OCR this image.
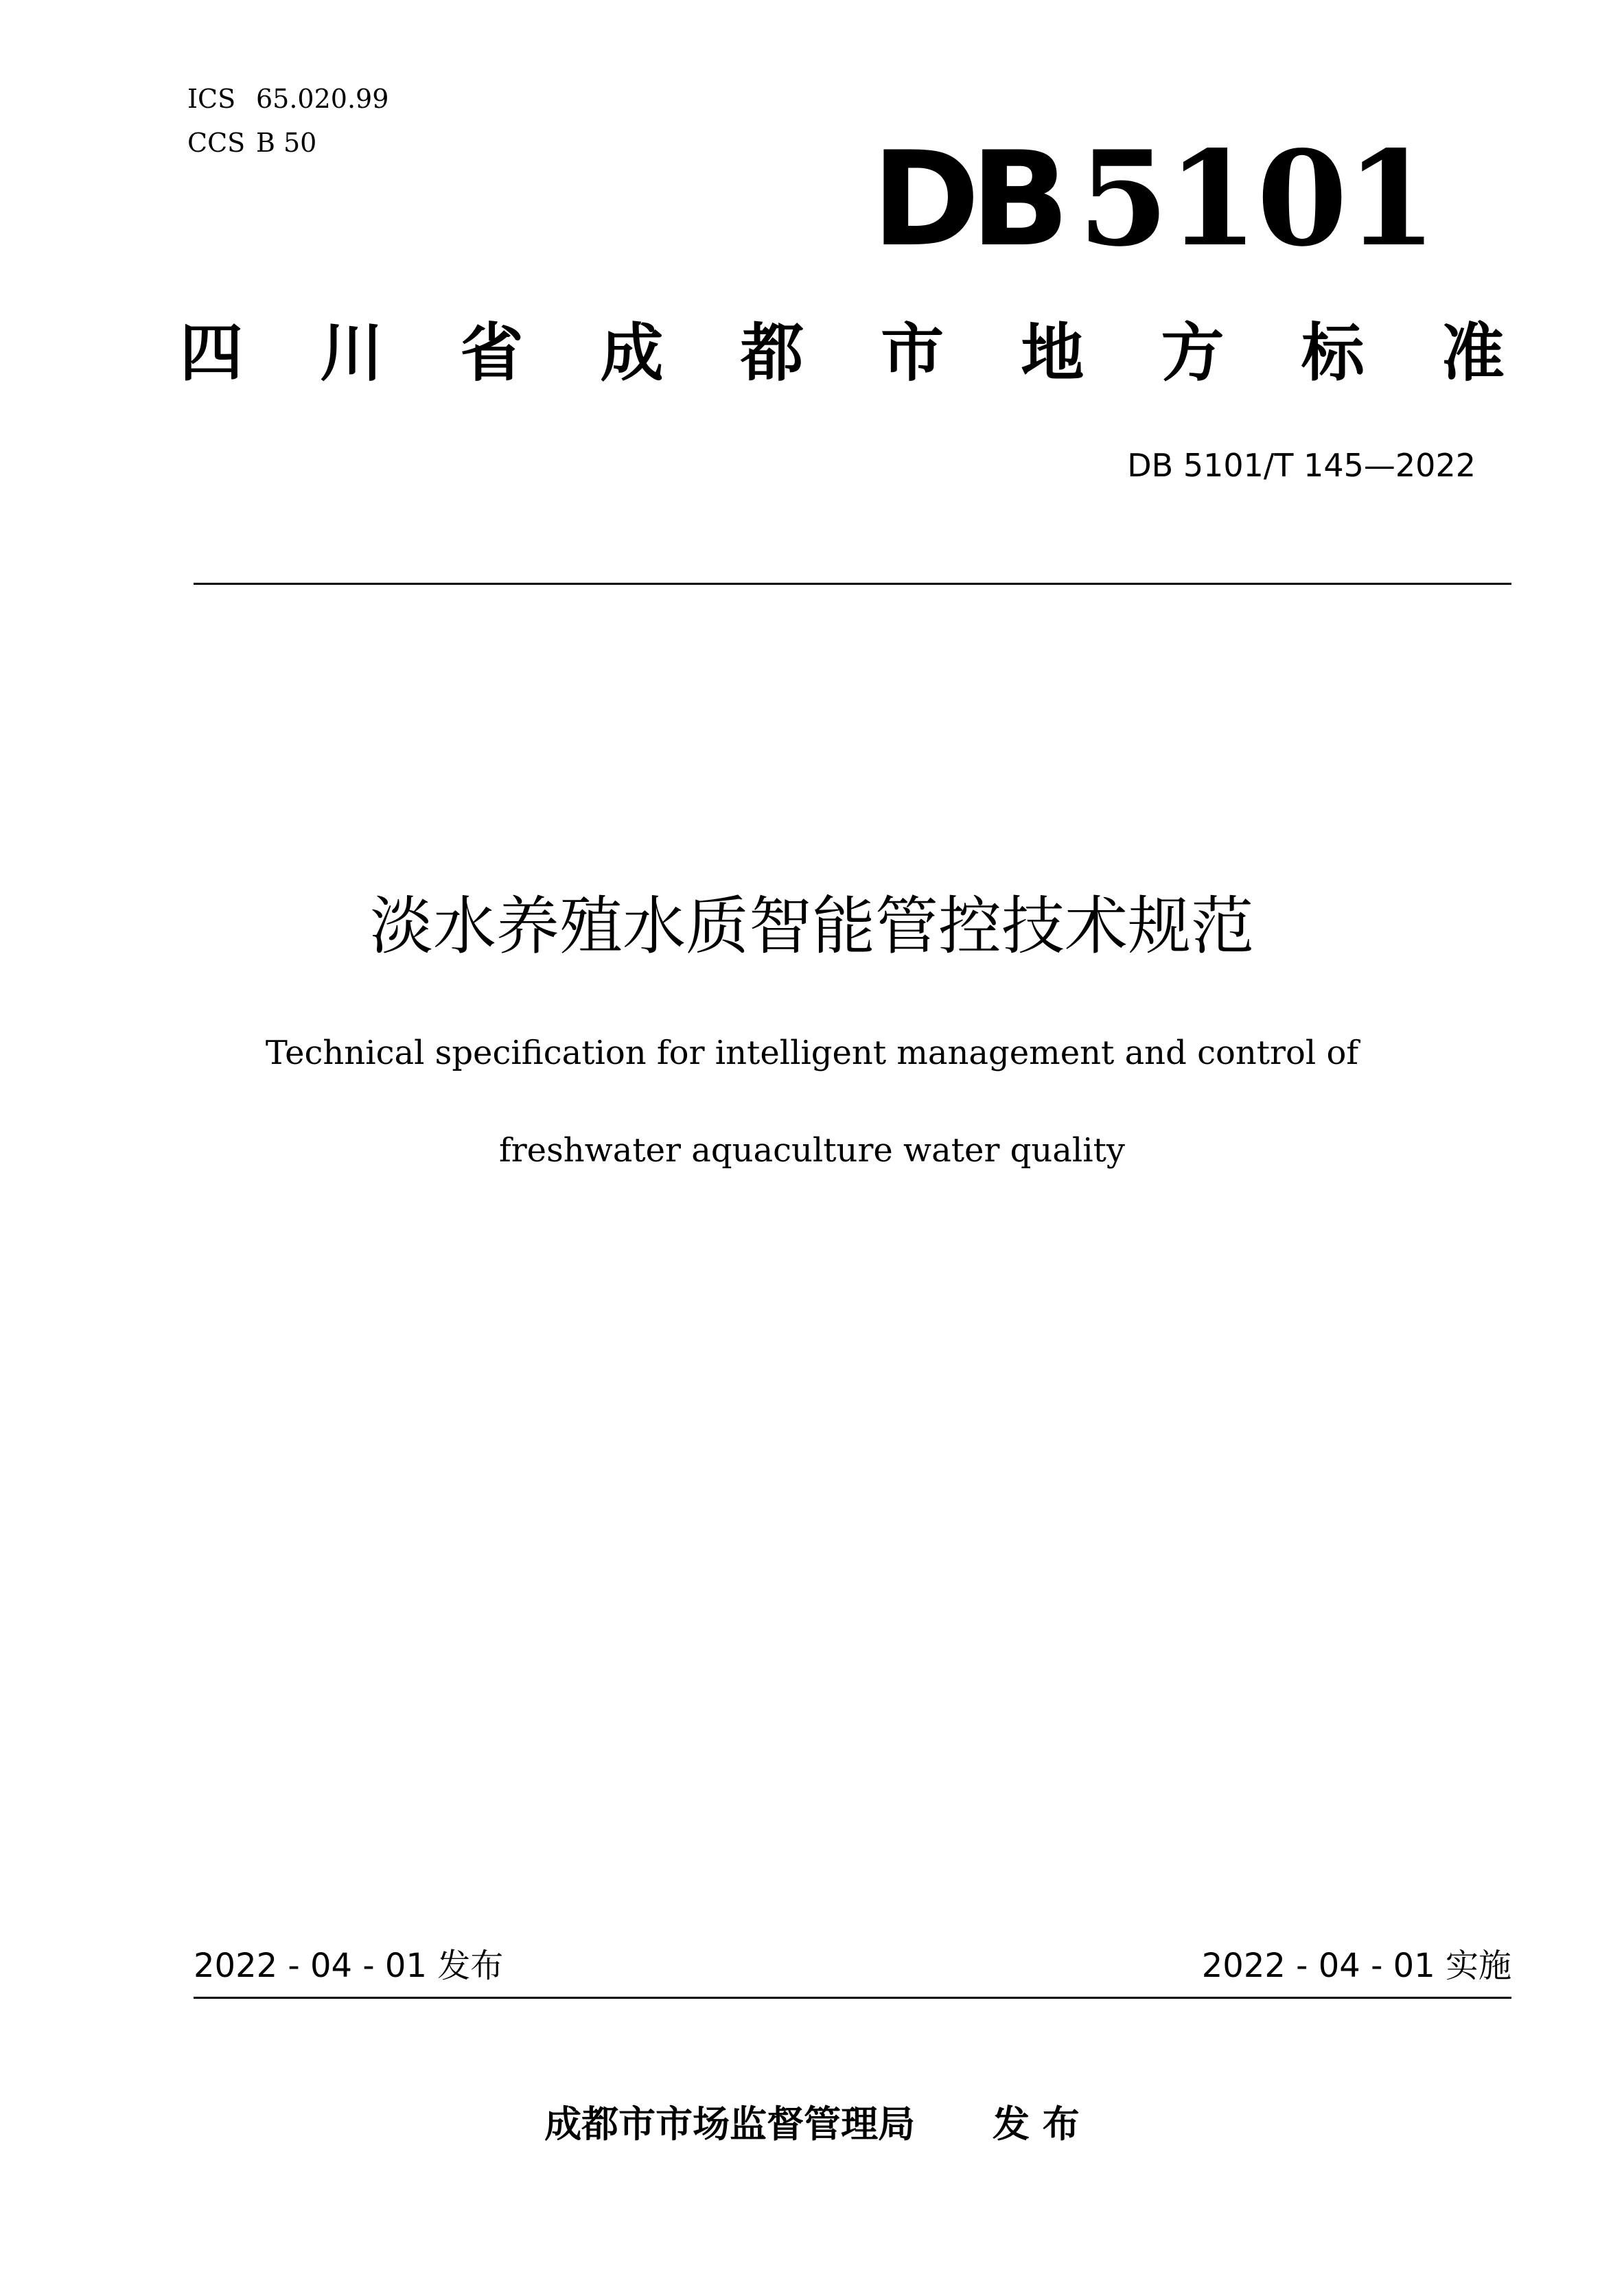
ICS 65.020.99
CCS B 50	DB 5101
四 川 省 成 都 市 地 方 标 准
DB 5101/T 145—2022
淡水养殖水质智能管控技术规范
Technical specification for intelligent management and control of
freshwater aquaculture water quality
2022 - 04 - 01 发布	2022 - 04 - 01 实施
成都市市场监督管理局 发 布
